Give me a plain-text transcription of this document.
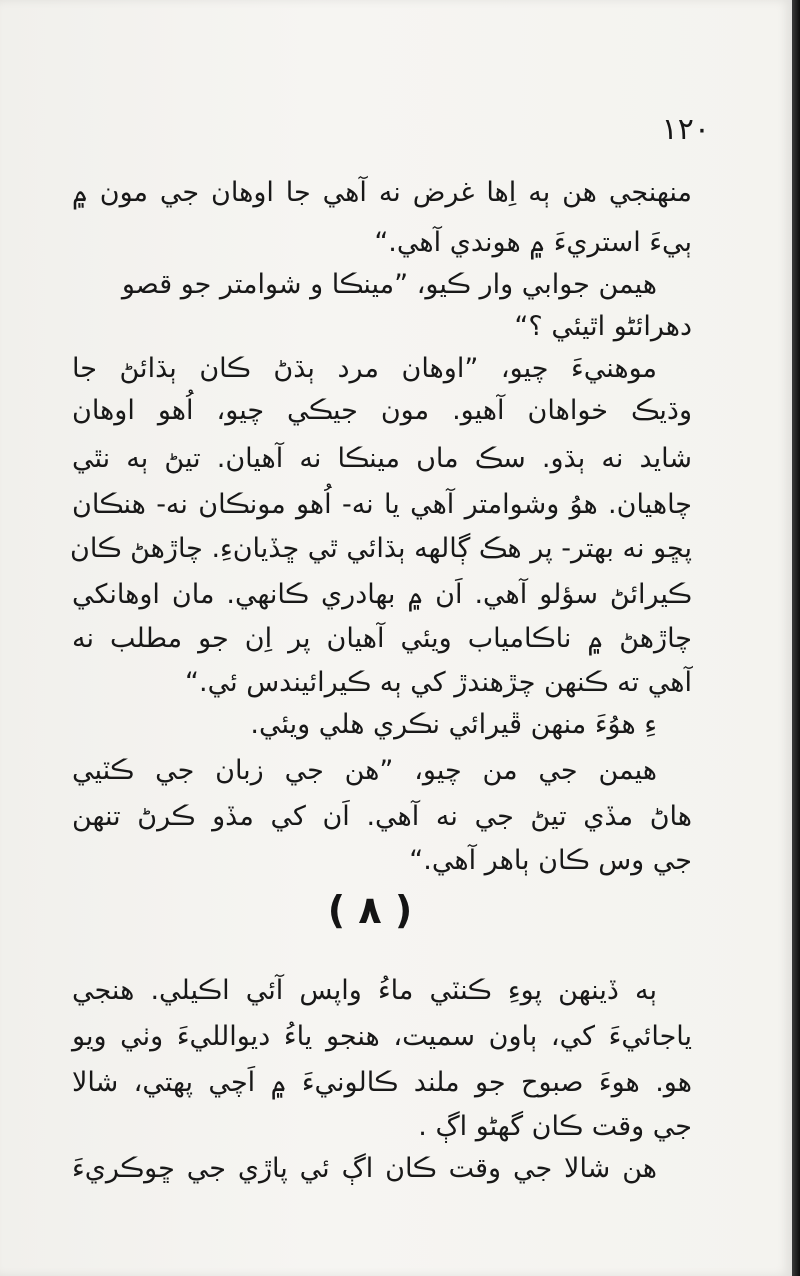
١٢٠
منهنجي هن ٻه اِها غرض نه آهي جا اوهان جي مون ۾
ٻيءَ استريءَ ۾ هوندي آهي.“
هيمن جوابي وار ڪيو، ”مينڪا و شوامتر جو قصو
دهرائڻو اٿيئي ؟“
موهنيءَ چيو، ”اوهان مرد ٻڌڻ ڪان ٻڌائڻ جا
وڌيڪ خواهان آهيو. مون جيڪي چيو، اُهو اوهان
شايد نه ٻڌو. سڪ ماں مينڪا نه آهيان. تيڻ ٻه نٿي
چاهيان. هوُ وشوامتر آهي يا نه- اُهو مونڪان نه- هنڪان
پڇو نه بهتر- پر هڪ ڳالهه ٻڌائي ٿي ڇڏيانءِ. چاڙهڻ ڪان
ڪيرائڻ سؤلو آهي. اَن ۾ بهادري ڪانهي. مان اوهانکي
چاڙهڻ ۾ ناڪامياب ويئي آهيان پر اِن جو مطلب نه
آهي ته ڪنهن چڙهندڙ کي ٻه ڪيرائيندس ئي.“
ءِ هوُءَ منهن ڦيرائي نڪري هلي ويئي.
هيمن جي من چيو، ”هن جي زبان جي ڪٽيي
هاڻ مڏي تيڻ جي نه آهي. اَن کي مڏو ڪرڻ تنهن
جي وس ڪان ٻاهر آهي.“
( ٨ )
ٻه ڏينهن پوءِ ڪنٽي ماءُ واپس آئي اڪيلي. هنجي
ياجائيءَ کي، ٻاون سميت، هنجو ياءُ ديوالليءَ وٺي ويو
هو. هوءَ صبوح جو ملند ڪالونيءَ ۾ اَچي پهتي، شالا
جي وقت ڪان گهڻو اڳ .
هن شالا جي وقت ڪان اڳ ئي پاڙي جي ڇوڪريءَ
